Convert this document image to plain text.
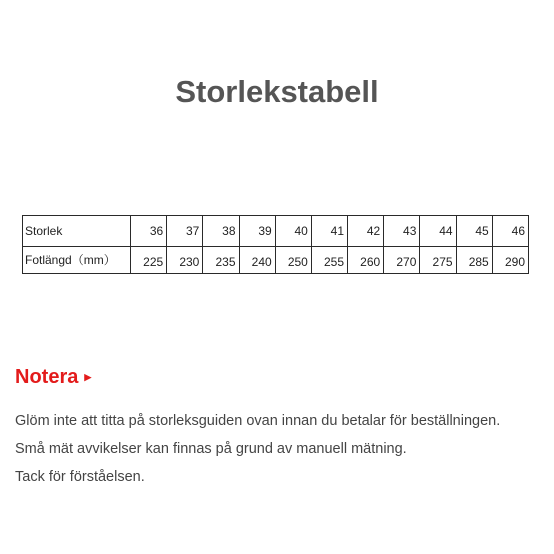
Storlekstabell
Storlek	36	37	38	39	40	41	42	43	44	45	46
Fotlängd（mm）	225	230	235	240	250	255	260	270	275	285	290
Notera ▶

Glöm inte att titta på storleksguiden ovan innan du betalar för beställningen.

Små mät avvikelser kan finnas på grund av manuell mätning.

Tack för förståelsen.
